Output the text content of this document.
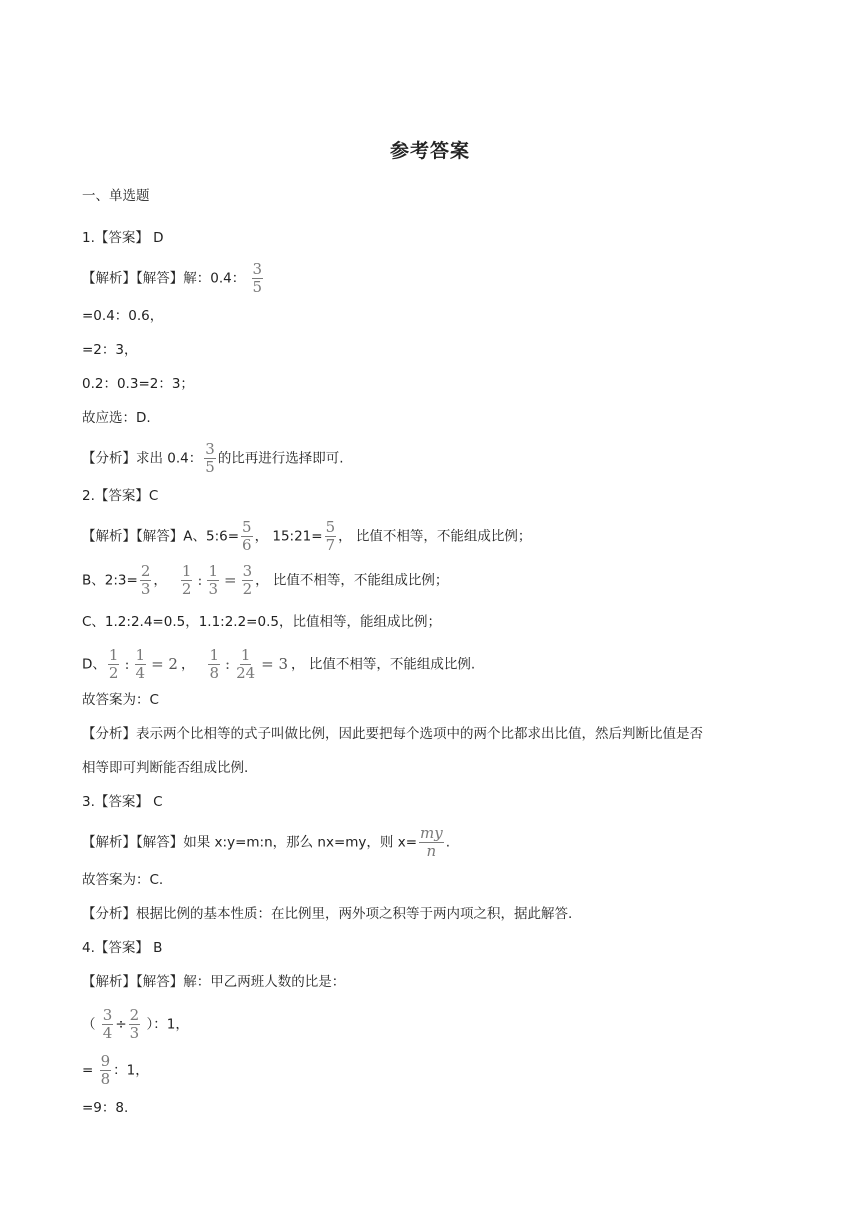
参考答案
一、单选题
1.【答案】 D
【解析】【解答】解：0.4： $\frac{3}{5}$
=0.4：0.6，
=2：3，
0.2：0.3=2：3；
故应选：D.
【分析】求出 0.4： $\frac{3}{5}$ 的比再进行选择即可.
2.【答案】C
【解析】【解答】A、5:6= $\frac{5}{6}$ ， 15:21= $\frac{5}{7}$ ， 比值不相等，不能组成比例；
B、2:3= $\frac{2}{3}$ ， $\frac{1}{2}$ : $\frac{1}{3} = \frac{3}{2}$ ， 比值不相等，不能组成比例；
C、1.2:2.4=0.5，1.1:2.2=0.5，比值相等，能组成比例；
D、 $\frac{1}{2}$ : $\frac{1}{4} = 2$ ， $\frac{1}{8}$ : $\frac{1}{24} = 3$ ， 比值不相等，不能组成比例.
故答案为：C
【分析】表示两个比相等的式子叫做比例，因此要把每个选项中的两个比都求出比值，然后判断比值是否
相等即可判断能否组成比例.
3.【答案】 C
【解析】【解答】如果 x:y=m:n，那么 nx=my，则 $x= \frac{my}{n}$ .
故答案为：C.
【分析】根据比例的基本性质：在比例里，两外项之积等于两内项之积，据此解答.
4.【答案】 B
【解析】【解答】解：甲乙两班人数的比是：
（ $\frac{3}{4} \div \frac{2}{3}$ ）：1，
= $\frac{9}{8}$ ：1，
=9：8.
